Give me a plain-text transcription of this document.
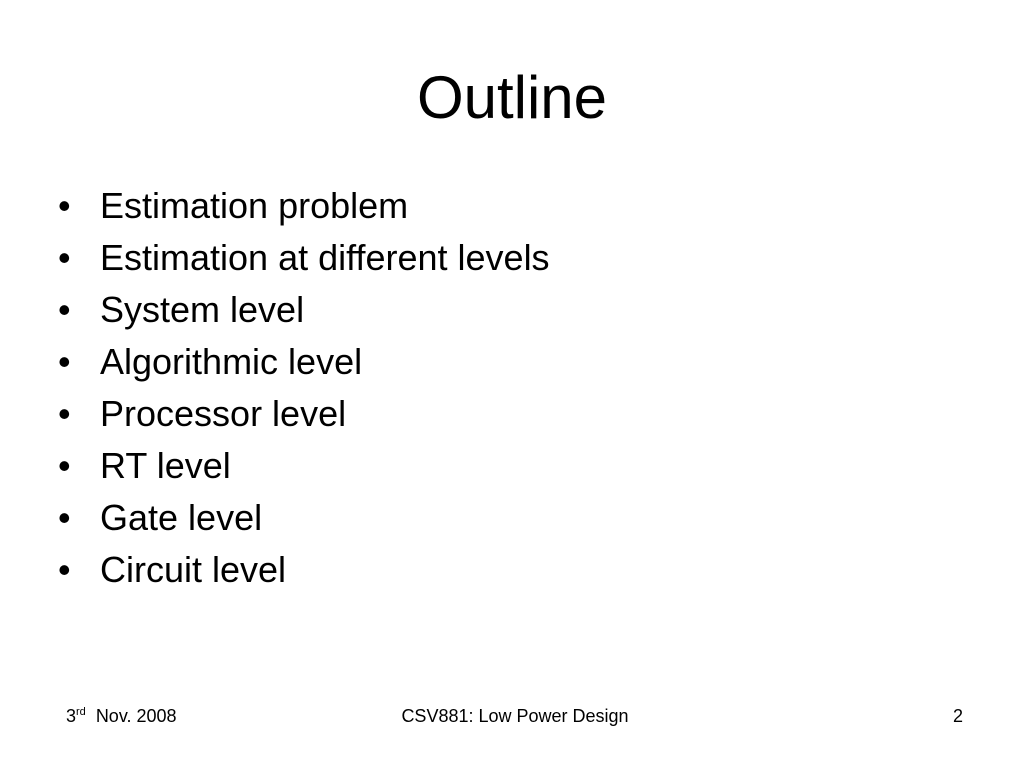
Outline
• Estimation problem
• Estimation at different levels
• System level
• Algorithmic level
• Processor level
• RT level
• Gate level
• Circuit level
3rd Nov. 2008	CSV881: Low Power Design	2
